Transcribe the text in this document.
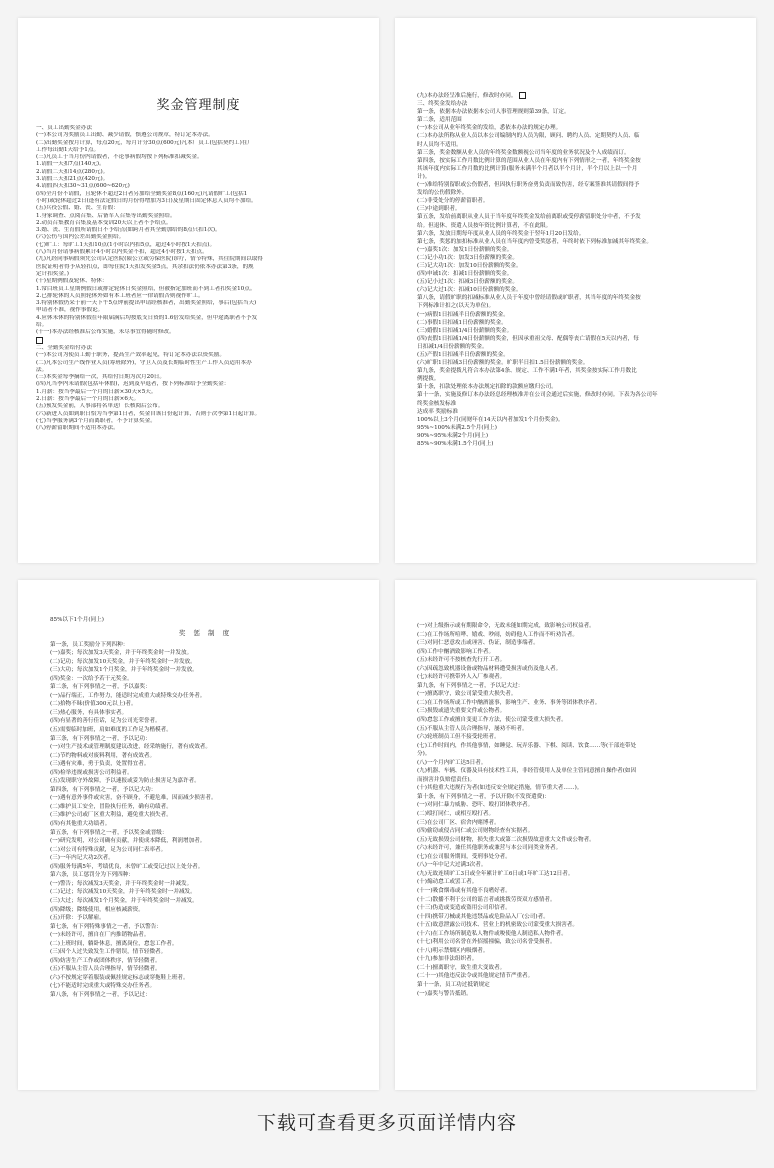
奖金管理制度
一、员工出勤奖金办法
(一)本公司为奖励员工出勤、减少请假，慎遵公司规章，特订定本办法。
(二)出勤奖金按月计算，每点20元，每月计分30点(600元)凡本厂员工(包括契约工)在厂
工作每出勤1天给予1点。
(三)凡员工于当月份内请假者，不论事病假均按下列标准扣减奖金。
1.请假一天扣7点(140元)。
2.请假二天扣14点(280元)。
3.请假三天扣21点(420元)。
4.请假四天扣30~31点(600~620元)
(四)全月份不请假，且轮休不超过2日者另加给全勤奖金8点(160元)凡请假旷工(包括1
小时)或轮休超过2日(逢有法定假日的月份得增加为3日)及星期日固定休息人员均不加给。
(五)兵役公假、婚、丧、生育假：
1.身家调查、点阅召集、后备军人召集等出勤奖金照给。
2.动员召集教育召集及基本受训20天以上者不予给点。
3.婚、丧、生育假所请假日不予给点(如跨月者其全勤加给的8点只扣1次)。
(六)公伤与国内公差出勤奖金照给。
(七)旷工：每旷工1天扣10点(1小时以内扣5点，超过4小时按1天扣点)。
(八)当月份请事病假累计4小时以内奖金不扣，超过4小时按1天扣点。
(九)凡经同事病假须凭公司认定医院(限公立或劳保医院)诊疗，情节特殊，其住院期间以取得
医院证明者得予从轻扣点，即每住院1天扣发奖金5点，其余扣法仍依本办法第3条，的规
定计扣奖金。)
(十)星期例假及轮休、特休：
1.常白班员工星期例假日或排定轮休日奖金照给，但被指定加班而不到工者扣奖金10点。
2.已排轮休的人员照轮休外如有本工班者应一律请假否则视作旷工。
3.特别休假仍采于前一天下午5点钟前提出申请经核准者，出勤奖金照给，事后(包括当天)
申请者不准，视作事假论。
4.应休未休的特别休假在年限届满后均按底支日资的1.6倍发给奖金，但中途离职者不予发
给。
(十一)本办法经核准后公布实施，未尽事宜得随时修改。
二、全勤奖金给付办法
(一)本公司为使员工勤于职务，提高生产效率起见，特订定本办法以资奖励。
(二)凡本公司生产线作业人员(筹班除外)，守卫人员及长期临时性生产工作人员适用本办
法。
(三)本奖金每季摘给一次，其给付日期为次月20日。
(四)凡当季内未请假(包括年休假)，迟到及早退者，按下列标准给予全勤奖金：
1.月薪：按当季最后一个月的日薪×30天×5天。
2.日薪：按当季最后一个月的日薪×6天。
(五)预发奖金前，人事部将名单送厂长核阅后公布。
(六)新进人员如到职日恰为当季第1日者，奖金自该日份起计算，否则于次季第1日起计算。
(七)当季服务满3个月而离职者，不予计算奖金。
(八)停薪留职期间不适用本办法。
(九)本办法经呈准后施行，修改时亦同。
三、终奖金发给办法
第一条，依据本办法依据本公司人事管理规则第39条，订定。
第二条，适用范围
(一)本公司从业年终奖金的发给，悉依本办法的规定办理。
(二)本办法所称从业人员以本公司编制内的人员为限，顾问、聘约人员、定期契约人员、临
时人员均不适用。
第三条，奖金数额从业人员的年终奖金数额视公司当年度的业务状况及个人成绩而订。
第四条，按实际工作月数比例计算的范围从业人员在年度内有下列情形之一者，年终奖金按
其该年度内实际工作月数的比例计算(服务未满半个月者以半个月计，半个月以上以一个月
计)。
(一)准给特别留职或公伤假者，但因执行职务奋勇负责而致伤害，经专案签准其请假间得予
发给的公伤假除外。
(二)非受处分的停薪留职者。
(三)中途到职者。
第五条，发给前离职从业人员于当年度年终奖金发给前离职或受停薪留职处分中者，不予发
给。但退休、资遣人员按年资比例计算者，不在此限。
第六条，发放日期每年度从业人员的年终奖金于翌年1月20日发给。
第七条，奖惩的加扣标准从业人员在当年度内曾受奖惩者，年终时依下列标准加减其年终奖金。
(一)嘉奖1次：加发1日份薪额的奖金。
(二)记小功1次：加发3日份薪额的奖金。
(三)记大功1次：加发10日份薪额的奖金。
(四)申诫1次：扣减1日份薪额的奖金。
(五)记小过1次：扣减3日份薪额的奖金。
(六)记大过1次：扣减10日份薪额的奖金。
第八条，请假旷职的扣减标准从业人员于年度中曾经请假或旷职者，其当年度的年终奖金按
下列标准计扣之(以天为单位)。
(一)病假1日扣减半日份薪额的奖金。
(二)事假1日扣减1日份薪额的奖金。
(三)婚假1日扣减1/4日份薪额的奖金。
(四)丧假1日扣减1/4日份薪额的奖金，但因承重祖父母、配偶等丧亡请假在5天以内者，每
日扣减1/4日份薪额的奖金。
(五)产假1日扣减半日份薪额的奖金。
(六)旷职1日扣减3日份薪额的奖金。旷职半日扣1.5日份薪额的奖金。
第九条，奖金提拨凡符合本办法第4条、规定、工作不满1年者，其奖金按实际工作月数比
例提拨。
第十条，扣款处理依本办法规定扣除的款额应缴归公司。
第十一条，实施及修订本办法经总经理核准并在公司会通过后实施，修改时亦同。下表为各公司年
终奖金核发标准
达成率 奖励标准
100%以上3个月(同财年在14天以内者加发1个月份奖金)。
95%~100%未满2.5个月(同上)
90%~95%未满2个月(同上)
85%~90%未满1.5个月(同上)
85%以下1个月(同上)
奖 惩 制 度
第一条，员工奖励分下列四种：
(一)嘉奖；每次加发3天奖金，并于年终奖金时一并发放。
(二)记功；每次加发10天奖金，并于年终奖金时一并发放。
(三)大功；每次加发1个月奖金，并于年终奖金时一并发放。
(四)奖金：一次给予若干元奖金。
第二条，有下列事情之一者，予以嘉奖：
(一)品行端正，工作努力，能适时完成重大或特殊交办任务者。
(二)拾物不昧(价值300元以上)者。
(三)热心服务，有具体事实者。
(四)有显著的善行佳话，足为公司光荣誉者。
(五)需要临时加班，肩如难度的工作足为楷模者。
第三条，有下列事情之一者，予以记功：
(一)对生产技术或管理制度建议改进，经采纳施行，著有成效者。
(二)节约物料或对废料利用，著有成效者。
(三)遇有灾难，勇于负责，处置得宜者。
(四)检举违规或损害公司利益者。
(五)发现职守外故障，予以速报或妥为防止损害足为嘉许者。
第四条，有下列事情之一者，予以记大功：
(一)遇有意外事件或灾害，奋不顾身，不避危难，因而减少损害者。
(二)维护员工安全，冒险执行任务，确有功绩者。
(三)维护公司或厂区重大利益，避免重大损失者。
(四)有其他重大功绩者。
第五条，有下列事情之一者，予以奖金或晋级：
(一)研究发明，对公司确有贡献，并使成本降低，利润增加者。
(二)对公司有特殊贡献，足为公司同仁表率者。
(三)一年内记大功2次者。
(四)服务每满5年，考绩优良，未曾旷工或受记过以上处分者。
第六条，员工惩罚分为下列四种：
(一)警告；每次减发3天奖金，并于年终奖金时一并减发。
(二)记过；每次减发10天奖金，并于年终奖金时一并减发。
(三)大过；每次减发1个月奖金，并于年终奖金时一并减发。
(四)降级；降级使用，相应核减薪资。
(五)开除：予以解雇。
第七条，有下列特殊事情之一者，予以警告：
(一)未经许可，擅自在厂内推销物品者。
(二)上班时间，躺卧休息，擅离岗位，怠忽工作者。
(三)因个人过失致发生工作错误，情节轻微者。
(四)妨害生产工作或团体秩序，情节轻微者。
(五)不服从主管人员合理指导，情节轻微者。
(六)不按规定穿着服装或佩挂规定标志或穿拖鞋上班者。
(七)不能适时完成重大或特殊交办任务者。
第八条，有下列事情之一者，予以记过：
(一)对上级指示或有期限命令，无故未能如期完成，致影响公司权益者。
(二)在工作场所喧哗、嬉戏、吵闹，妨碍他人工作而不听劝告者。
(三)对同仁恶意攻击或诬害、伪证，制造事端者。
(四)工作中酗酒致影响工作者。
(五)未经许可不按核查先行开工者。
(六)因疏忽致机器设备或物品材料遭受损害或伤及他人者。
(七)未经许可携带外人入厂参观者。
第九条，有下列事情之一者，予以记大过：
(一)擅离职守，致公司蒙受重大损失者。
(二)在工作场所或工作中酗酒滋事，影响生产、业务、事务等团体秩序者。
(三)损毁或遗失重要文件或公物者。
(四)怠忽工作或擅自变更工作方法，使公司蒙受重大损失者。
(五)不服从主管人员合理指导，屡劝不听者。
(六)轮班制员工但不接受轮班者。
(七)工作时间内，作其他事情，如睡觉、玩弄乐器、下棋、阅读、饮食……等(干部连带处
分)。
(八)一个月内旷工达5日者。
(九)机器、车辆、仪器及具有技术性工具，非经管使用人及单位主管同意擅自操作者(如因
而损害并负赔偿责任)。
(十)其他重大违规行为者(如违反安全规定措施，情节重大者……)。
第十条，有下列事情之一者，予以开除(不发资遣费)：
(一)对同仁暴力威胁、恐吓、殴打团体秩序者。
(二)殴打同仁，或相互殴打者。
(三)在公司厂区、宿舍内赌博者。
(四)偷窃或侵占同仁或公司财物经查有实据者。
(五)无故损毁公司财物，损失重大或第二次损毁故意重大文件或公物者。
(六)未经许可，兼任其他职务或兼营与本公司同类业务者。
(七)在公司服务期间，受刑事处分者。
(八)一年中记大过满3次者。
(九)无故连续旷工3日或全年累计旷工6日或1年旷工达12日者。
(十)煽动怠工或罢工者。
(十一)吸食烟毒或有其他不良嗜好者。
(十二)散播不利于公司的谣言者或挑拨劳资双方感情者。
(十三)伪造或变造或盗用公司印信者。
(十四)携带刀械或其他违禁品或危险品入厂(公司)者。
(十五)故意泄露公司技术、营业上的机密致公司蒙受重大损害者。
(十六)在工作场所制造私人物件或唆使他人制造私人物件者。
(十七)利用公司名誉在外招摇撞骗，致公司名誉受损者。
(十八)明示禁烟区内吸烟者。
(十九)参加非法组织者。
(二十)擅离职守，致生重大变故者。
(二十一)其他违反法令或其他规定情节严重者。
第十一条，员工功过抵销规定
(一)嘉奖与警告抵销。
下载可查看更多页面详情内容
